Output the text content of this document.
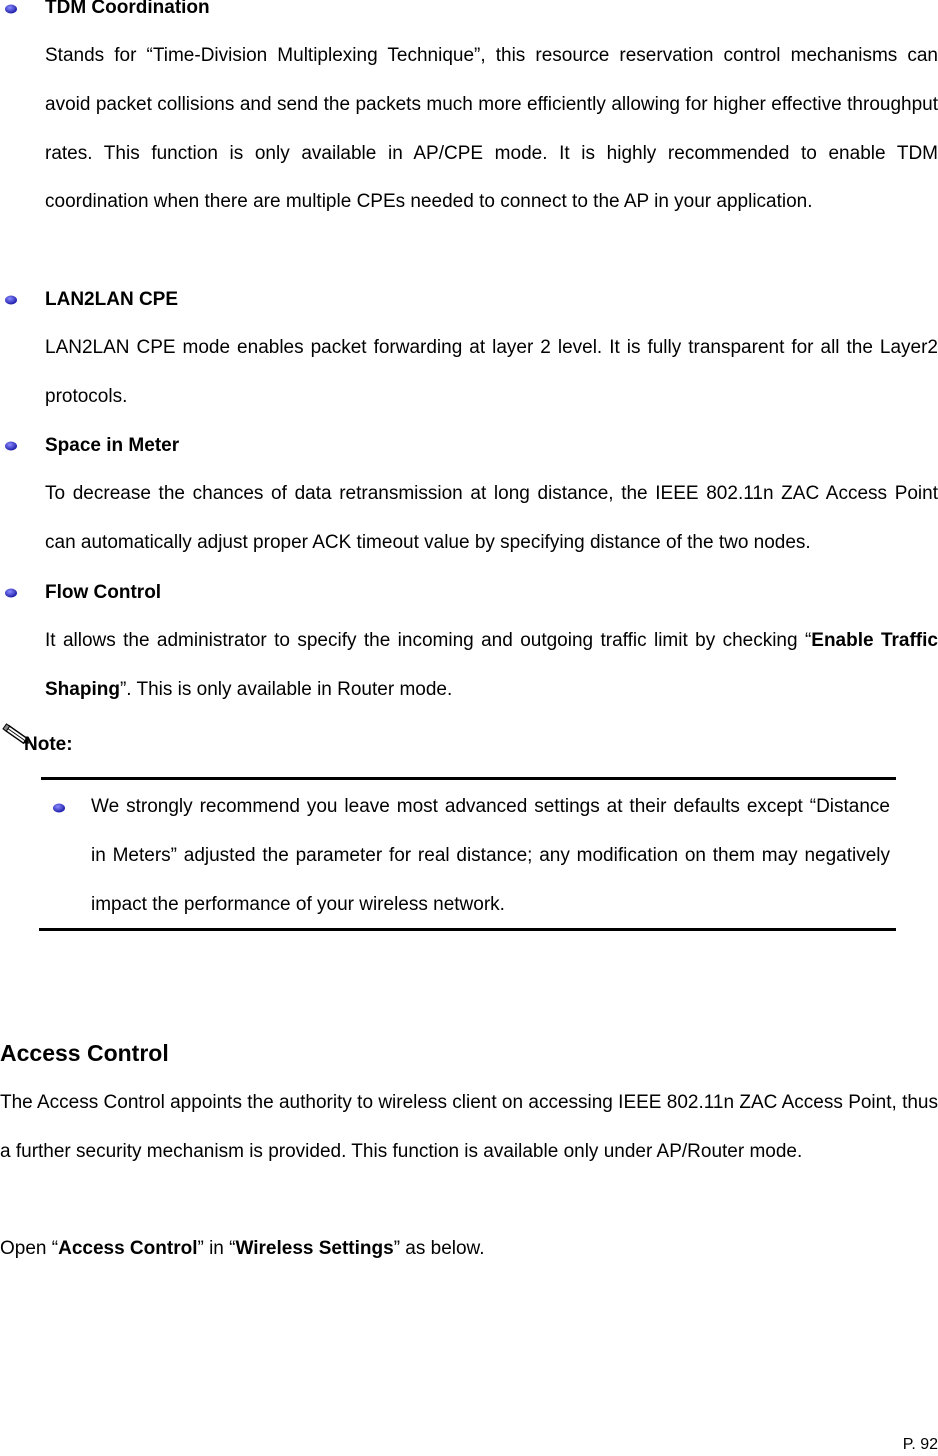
TDM Coordination
Stands for “Time-Division Multiplexing Technique”, this resource reservation control mechanisms can avoid packet collisions and send the packets much more efficiently allowing for higher effective throughput rates. This function is only available in AP/CPE mode. It is highly recommended to enable TDM coordination when there are multiple CPEs needed to connect to the AP in your application.
LAN2LAN CPE
LAN2LAN CPE mode enables packet forwarding at layer 2 level. It is fully transparent for all the Layer2 protocols.
Space in Meter
To decrease the chances of data retransmission at long distance, the IEEE 802.11n ZAC Access Point can automatically adjust proper ACK timeout value by specifying distance of the two nodes.
Flow Control
It allows the administrator to specify the incoming and outgoing traffic limit by checking “Enable Traffic Shaping”. This is only available in Router mode.
Note:
We strongly recommend you leave most advanced settings at their defaults except “Distance in Meters” adjusted the parameter for real distance; any modification on them may negatively impact the performance of your wireless network.
Access Control
The Access Control appoints the authority to wireless client on accessing IEEE 802.11n ZAC Access Point, thus a further security mechanism is provided. This function is available only under AP/Router mode.
Open “Access Control” in “Wireless Settings” as below.
P. 92
